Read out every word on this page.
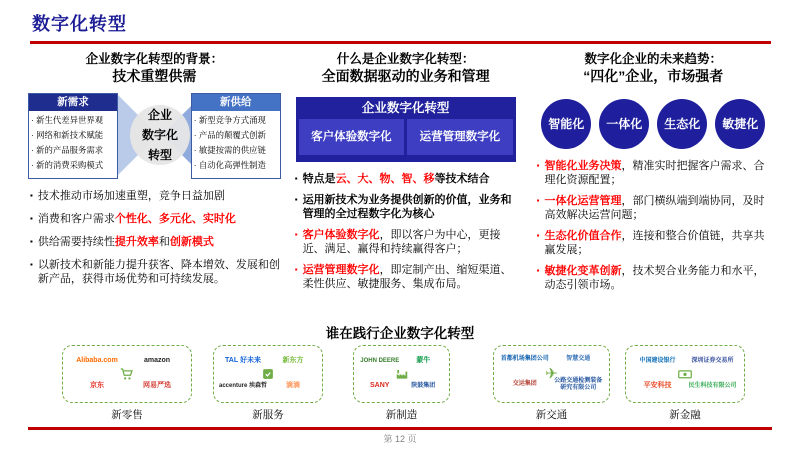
数字化转型
企业数字化转型的背景：
技术重塑供需
新需求
· 新生代差异世界观
· 网络和新技术赋能
· 新的产品服务需求
· 新的消费采购模式
企业
数字化
转型
新供给
· 新型竞争方式涌现
· 产品的颠覆式创新
· 敏捷按需的供应链
· 自动化高弹性制造
▪ 技术推动市场加速重塑，竞争日益加剧
▪ 消费和客户需求个性化、多元化、实时化
▪ 供给需要持续性提升效率和创新模式
▪ 以新技术和新能力提升获客、降本增效、发展和创新产品，获得市场优势和可持续发展。
什么是企业数字化转型：
全面数据驱动的业务和管理
企业数字化转型
客户体验数字化	运营管理数字化
▪ 特点是云、大、物、智、移等技术结合
▪ 运用新技术为业务提供创新的价值，业务和管理的全过程数字化为核心
▪ 客户体验数字化，即以客户为中心，更接近、满足、赢得和持续赢得客户；
▪ 运营管理数字化，即定制产出、缩短渠道、柔性供应、敏捷服务、集成布局。
数字化企业的未来趋势：
“四化”企业，市场强者
智能化	一体化	生态化	敏捷化
▪ 智能化业务决策，精准实时把握客户需求、合理化资源配置；
▪ 一体化运营管理，部门横纵端到端协同，及时高效解决运营问题；
▪ 生态化价值合作，连接和整合价值链，共享共赢发展；
▪ 敏捷化变革创新，技术契合业务能力和水平，动态引领市场。
谁在践行企业数字化转型
Alibaba.com	amazon
京东	网易严选
新零售
TAL 好未来	新东方
accenture 埃森哲	滴滴
新服务
JOHN DEERE 蒙牛
SANY	陕鼓集团
新制造
首都机场集团公司	智慧交通
交运集团
公路交通检测装备研究有限公司
✈
新交通
中国建设银行	深圳证券交易所
平安科技	民生科技有限公司
新金融
第 12 页
